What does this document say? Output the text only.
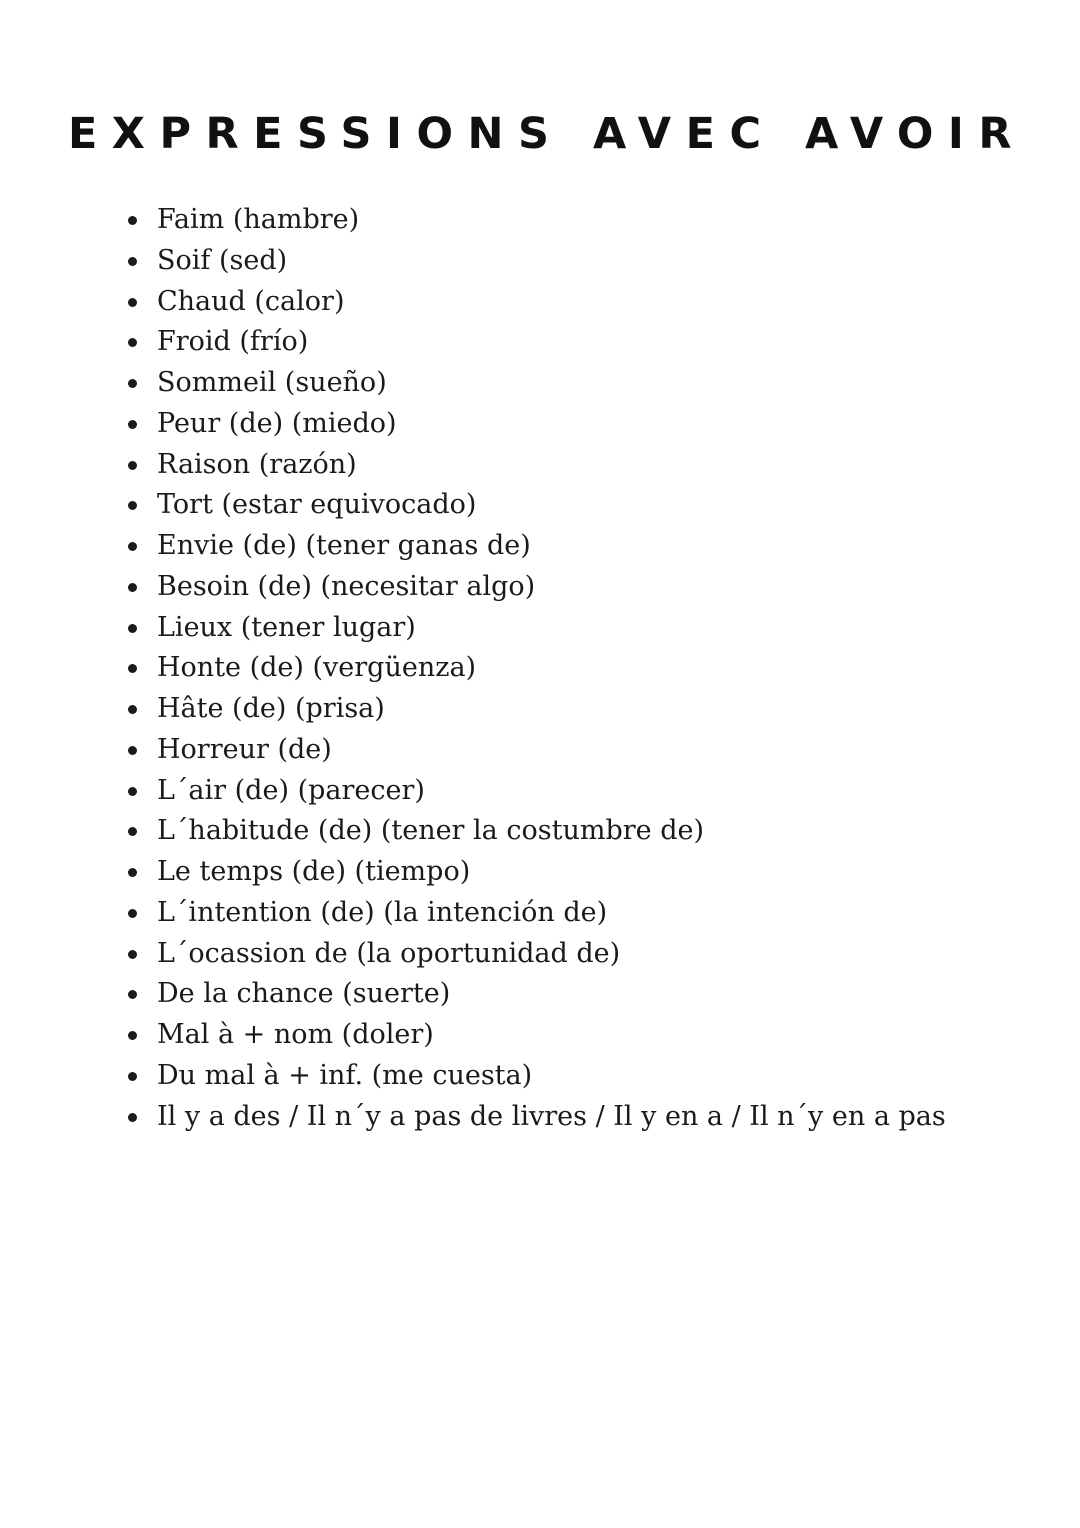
EXPRESSIONS AVEC AVOIR
Faim (hambre)
Soif (sed)
Chaud (calor)
Froid (frío)
Sommeil (sueño)
Peur (de) (miedo)
Raison (razón)
Tort (estar equivocado)
Envie (de) (tener ganas de)
Besoin (de) (necesitar algo)
Lieux (tener lugar)
Honte (de) (vergüenza)
Hâte (de) (prisa)
Horreur (de)
L´air (de) (parecer)
L´habitude (de) (tener la costumbre de)
Le temps (de) (tiempo)
L´intention (de) (la intención de)
L´ocassion de (la oportunidad de)
De la chance (suerte)
Mal à + nom (doler)
Du mal à + inf. (me cuesta)
Il y a des / Il n´y a pas de livres / Il y en a / Il n´y en a pas
